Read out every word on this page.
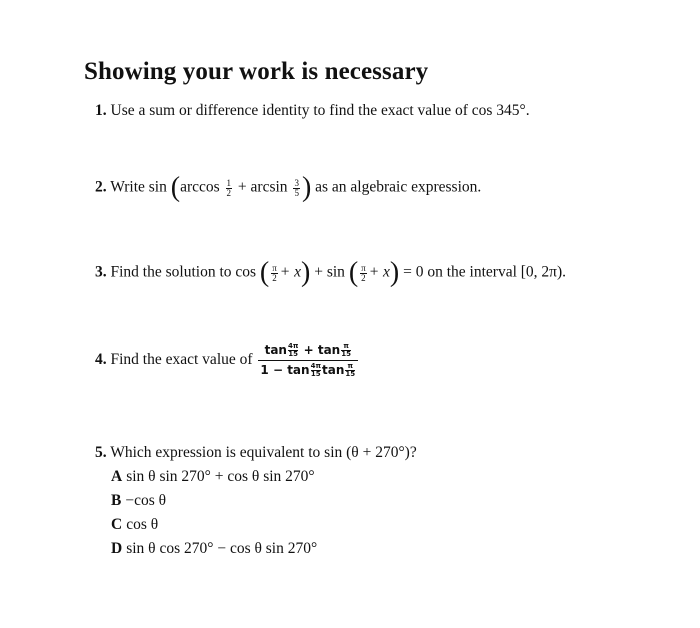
Showing your work is necessary
1. Use a sum or difference identity to find the exact value of cos 345°.
2. Write $\sin (\arccos \frac{1}{2} + \arcsin \frac{3}{5}$ ) as an algebraic expression.
3. Find the solution to cos ( $\frac{\pi}{2} + x) + \sin$ ( $\frac{\pi}{2} + x) = 0$ on the interval [0, 2π).
4. Find the exact value of $\frac{\tan \frac{4\pi}{15} + \tan \frac{\pi}{15}}{1 - \tan \frac{4\pi}{15}\tan \frac{\pi}{15}}$
5. Which expression is equivalent to sin (θ + 270°)?
A sin θ sin 270° + cos θ sin 270°
B −cos θ
C cos θ
D sin θ cos 270° − cos θ sin 270°
